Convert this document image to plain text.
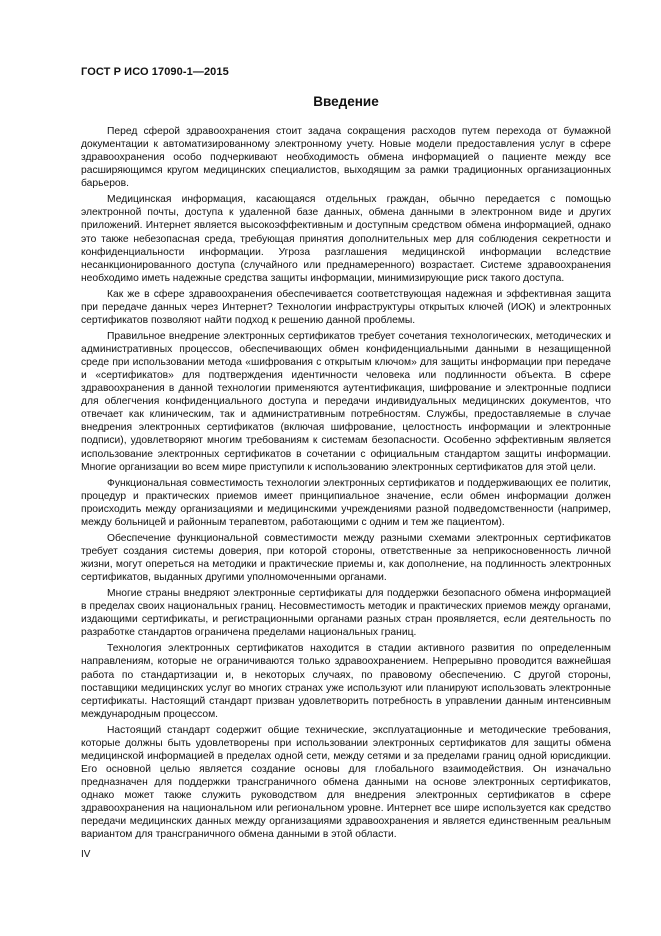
ГОСТ Р ИСО 17090-1—2015
Введение

Перед сферой здравоохранения стоит задача сокращения расходов путем перехода от бумажной документации к автоматизированному электронному учету. Новые модели предоставления услуг в сфере здравоохранения особо подчеркивают необходимость обмена информацией о пациенте между все расширяющимся кругом медицинских специалистов, выходящим за рамки традиционных организационных барьеров.

Медицинская информация, касающаяся отдельных граждан, обычно передается с помощью электронной почты, доступа к удаленной базе данных, обмена данными в электронном виде и других приложений. Интернет является высокоэффективным и доступным средством обмена информацией, однако это также небезопасная среда, требующая принятия дополнительных мер для соблюдения секретности и конфиденциальности информации. Угроза разглашения медицинской информации вследствие несанкционированного доступа (случайного или преднамеренного) возрастает. Системе здравоохранения необходимо иметь надежные средства защиты информации, минимизирующие риск такого доступа.

Как же в сфере здравоохранения обеспечивается соответствующая надежная и эффективная защита при передаче данных через Интернет? Технологии инфраструктуры открытых ключей (ИОК) и электронных сертификатов позволяют найти подход к решению данной проблемы.

Правильное внедрение электронных сертификатов требует сочетания технологических, методических и административных процессов, обеспечивающих обмен конфиденциальными данными в незащищенной среде при использовании метода «шифрования с открытым ключом» для защиты информации при передаче и «сертификатов» для подтверждения идентичности человека или подлинности объекта. В сфере здравоохранения в данной технологии применяются аутентификация, шифрование и электронные подписи для облегчения конфиденциального доступа и передачи индивидуальных медицинских документов, что отвечает как клиническим, так и административным потребностям. Службы, предоставляемые в случае внедрения электронных сертификатов (включая шифрование, целостность информации и электронные подписи), удовлетворяют многим требованиям к системам безопасности. Особенно эффективным является использование электронных сертификатов в сочетании с официальным стандартом защиты информации. Многие организации во всем мире приступили к использованию электронных сертификатов для этой цели.

Функциональная совместимость технологии электронных сертификатов и поддерживающих ее политик, процедур и практических приемов имеет принципиальное значение, если обмен информации должен происходить между организациями и медицинскими учреждениями разной подведомственности (например, между больницей и районным терапевтом, работающими с одним и тем же пациентом).

Обеспечение функциональной совместимости между разными схемами электронных сертификатов требует создания системы доверия, при которой стороны, ответственные за неприкосновенность личной жизни, могут опереться на методики и практические приемы и, как дополнение, на подлинность электронных сертификатов, выданных другими уполномоченными органами.

Многие страны внедряют электронные сертификаты для поддержки безопасного обмена информацией в пределах своих национальных границ. Несовместимость методик и практических приемов между органами, издающими сертификаты, и регистрационными органами разных стран проявляется, если деятельность по разработке стандартов ограничена пределами национальных границ.

Технология электронных сертификатов находится в стадии активного развития по определенным направлениям, которые не ограничиваются только здравоохранением. Непрерывно проводится важнейшая работа по стандартизации и, в некоторых случаях, по правовому обеспечению. С другой стороны, поставщики медицинских услуг во многих странах уже используют или планируют использовать электронные сертификаты. Настоящий стандарт призван удовлетворить потребность в управлении данным интенсивным международным процессом.

Настоящий стандарт содержит общие технические, эксплуатационные и методические требования, которые должны быть удовлетворены при использовании электронных сертификатов для защиты обмена медицинской информацией в пределах одной сети, между сетями и за пределами границ одной юрисдикции. Его основной целью является создание основы для глобального взаимодействия. Он изначально предназначен для поддержки трансграничного обмена данными на основе электронных сертификатов, однако может также служить руководством для внедрения электронных сертификатов в сфере здравоохранения на национальном или региональном уровне. Интернет все шире используется как средство передачи медицинских данных между организациями здравоохранения и является единственным реальным вариантом для трансграничного обмена данными в этой области.

IV
